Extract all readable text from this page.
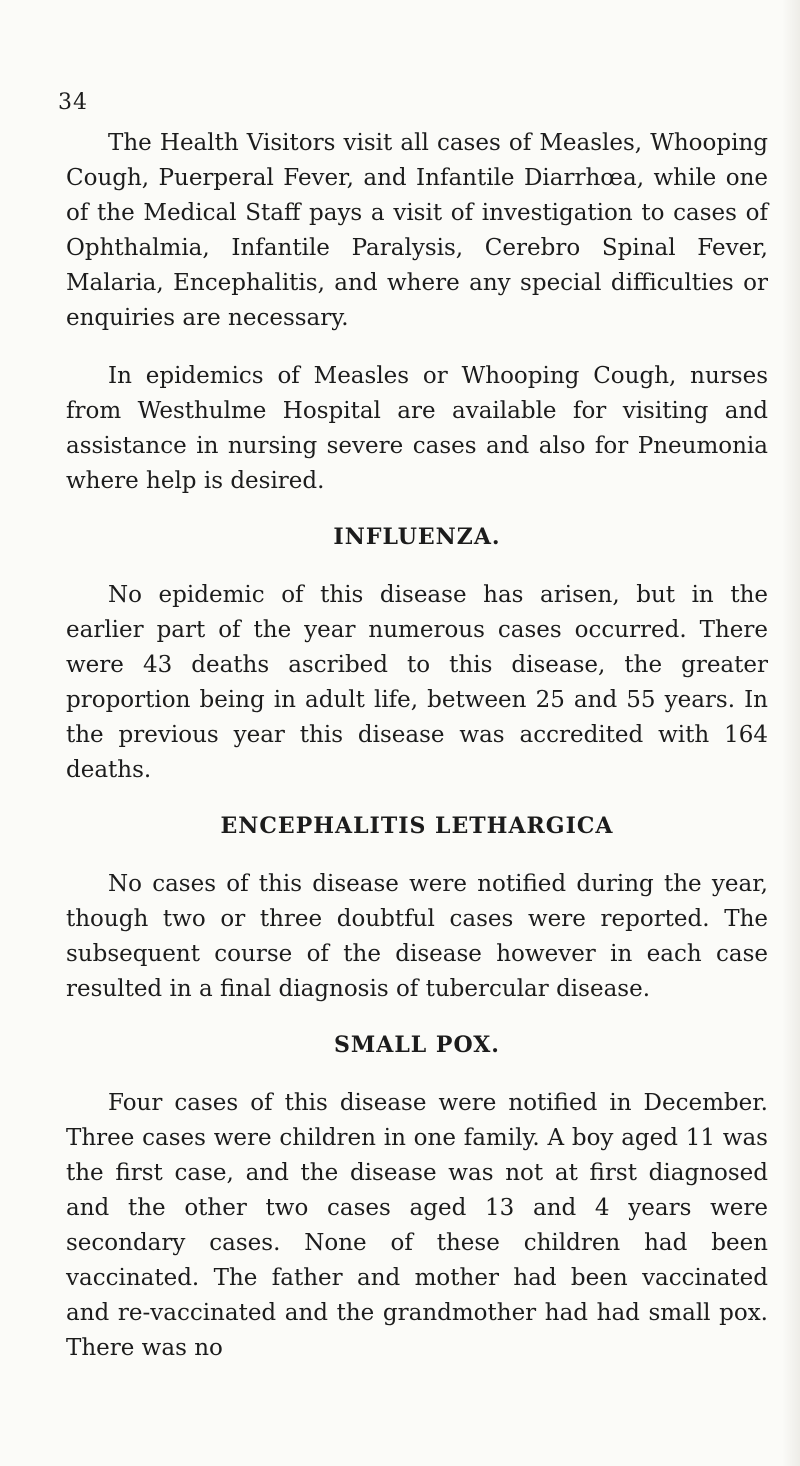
34

The Health Visitors visit all cases of Measles, Whooping Cough, Puerperal Fever, and Infantile Diarrhœa, while one of the Medical Staff pays a visit of investigation to cases of Ophthalmia, Infantile Paralysis, Cerebro Spinal Fever, Malaria, Encephalitis, and where any special difficulties or enquiries are necessary.

In epidemics of Measles or Whooping Cough, nurses from Westhulme Hospital are available for visiting and assistance in nursing severe cases and also for Pneumonia where help is desired.

INFLUENZA.

No epidemic of this disease has arisen, but in the earlier part of the year numerous cases occurred. There were 43 deaths ascribed to this disease, the greater proportion being in adult life, between 25 and 55 years. In the previous year this disease was accredited with 164 deaths.

ENCEPHALITIS LETHARGICA

No cases of this disease were notified during the year, though two or three doubtful cases were reported. The subsequent course of the disease however in each case resulted in a final diagnosis of tubercular disease.

SMALL POX.

Four cases of this disease were notified in December. Three cases were children in one family. A boy aged 11 was the first case, and the disease was not at first diagnosed and the other two cases aged 13 and 4 years were secondary cases. None of these children had been vaccinated. The father and mother had been vaccinated and re-vaccinated and the grandmother had had small pox. There was no
